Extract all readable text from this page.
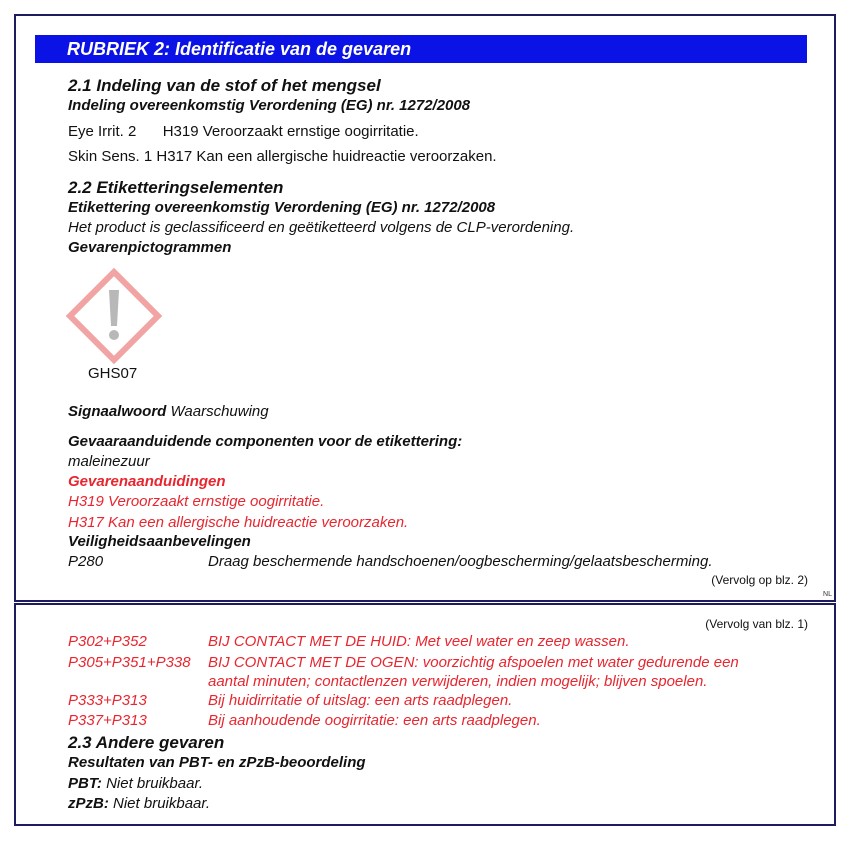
RUBRIEK 2: Identificatie van de gevaren
2.1 Indeling van de stof of het mengsel
Indeling overeenkomstig Verordening (EG) nr. 1272/2008
Eye Irrit. 2 H319 Veroorzaakt ernstige oogirritatie.
Skin Sens. 1 H317 Kan een allergische huidreactie veroorzaken.
2.2 Etiketteringselementen
Etikettering overeenkomstig Verordening (EG) nr. 1272/2008
Het product is geclassificeerd en geëtiketteerd volgens de CLP-verordening.
Gevarenpictogrammen
GHS07
Signaalwoord Waarschuwing
Gevaaraanduidende componenten voor de etikettering:
maleinezuur
Gevarenaanduidingen
H319 Veroorzaakt ernstige oogirritatie.
H317 Kan een allergische huidreactie veroorzaken.
Veiligheidsaanbevelingen
P280	Draag beschermende handschoenen/oogbescherming/gelaatsbescherming.
(Vervolg op blz. 2)
NL
(Vervolg van blz. 1)
P302+P352	BIJ CONTACT MET DE HUID: Met veel water en zeep wassen.
P305+P351+P338 BIJ CONTACT MET DE OGEN: voorzichtig afspoelen met water gedurende een
aantal minuten; contactlenzen verwijderen, indien mogelijk; blijven spoelen.
P333+P313	Bij huidirritatie of uitslag: een arts raadplegen.
P337+P313	Bij aanhoudende oogirritatie: een arts raadplegen.
2.3 Andere gevaren
Resultaten van PBT- en zPzB-beoordeling
PBT: Niet bruikbaar.
zPzB: Niet bruikbaar.
